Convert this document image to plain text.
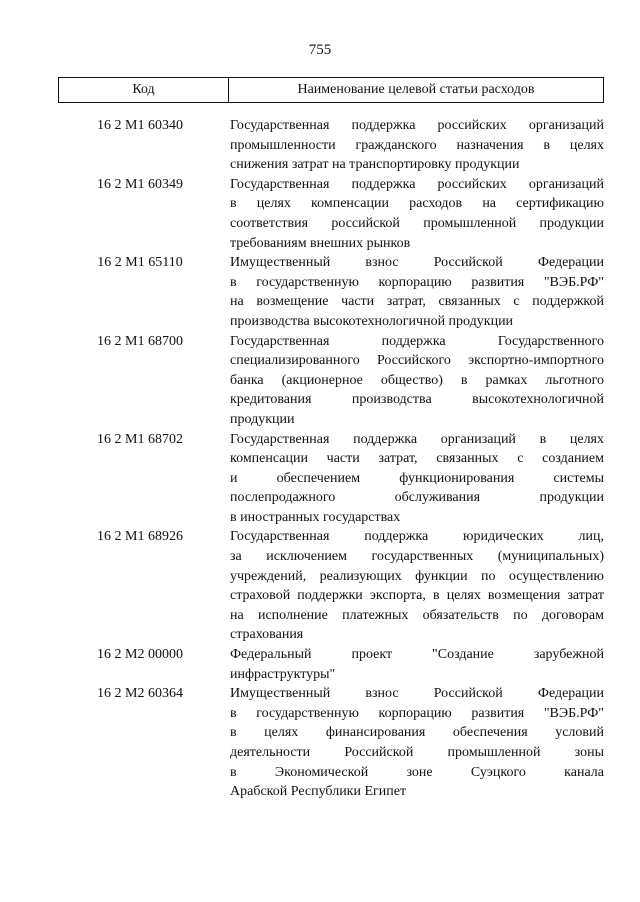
755
Код	Наименование целевой статьи расходов
16 2 M1 60340	Государственная поддержка российских организаций
промышленности гражданского назначения в целях
снижения затрат на транспортировку продукции
16 2 M1 60349	Государственная поддержка российских организаций
в целях компенсации расходов на сертификацию
соответствия российской промышленной продукции
требованиям внешних рынков
16 2 M1 65110	Имущественный взнос Российской Федерации
в государственную корпорацию развития "ВЭБ.РФ"
на возмещение части затрат, связанных с поддержкой
производства высокотехнологичной продукции
16 2 M1 68700	Государственная поддержка Государственного
специализированного Российского экспортно-импортного
банка (акционерное общество) в рамках льготного
кредитования производства высокотехнологичной
продукции
16 2 M1 68702	Государственная поддержка организаций в целях
компенсации части затрат, связанных с созданием
и обеспечением функционирования системы
послепродажного обслуживания продукции
в иностранных государствах
16 2 M1 68926	Государственная поддержка юридических лиц,
за исключением государственных (муниципальных)
учреждений, реализующих функции по осуществлению
страховой поддержки экспорта, в целях возмещения затрат
на исполнение платежных обязательств по договорам
страхования
16 2 M2 00000	Федеральный проект "Создание зарубежной
инфраструктуры"
16 2 M2 60364	Имущественный взнос Российской Федерации
в государственную корпорацию развития "ВЭБ.РФ"
в целях финансирования обеспечения условий
деятельности Российской промышленной зоны
в Экономической зоне Суэцкого канала
Арабской Республики Египет
